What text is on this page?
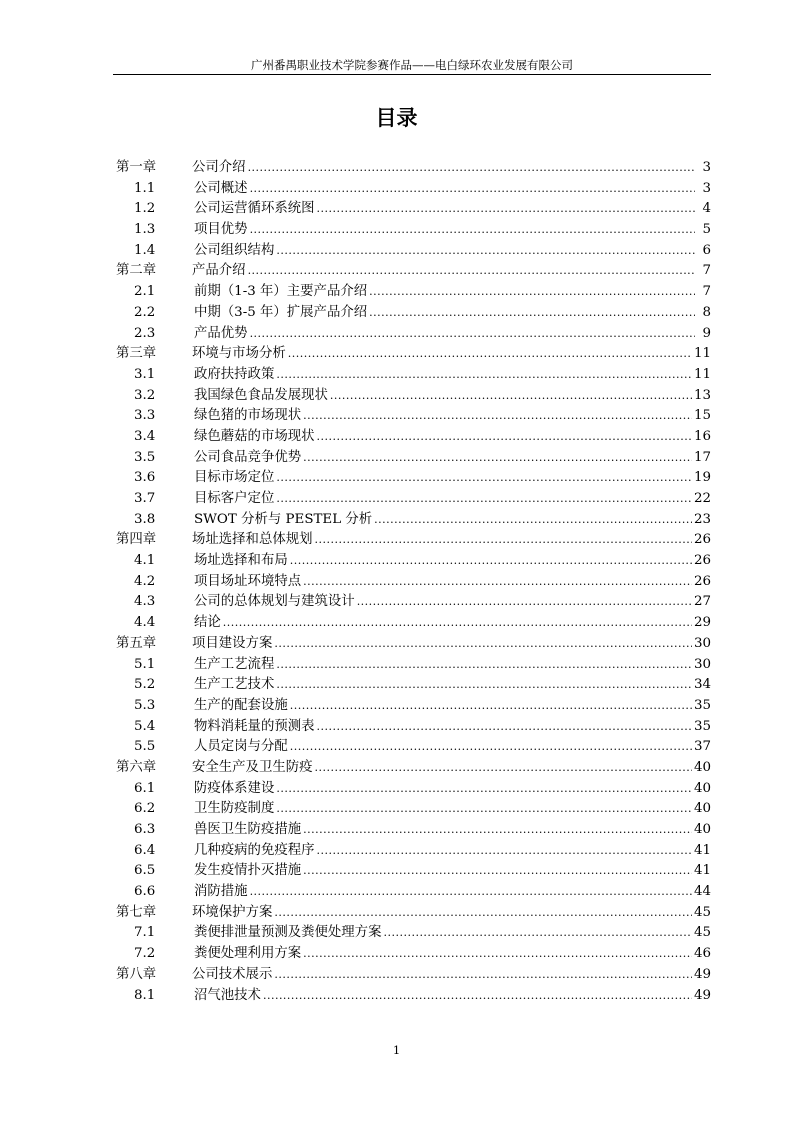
广州番禺职业技术学院参赛作品——电白绿环农业发展有限公司
目录
第一章	公司介绍 .....	3
1.1	公司概述 .....	3
1.2	公司运营循环系统图 .....	4
1.3	项目优势 .....	5
1.4	公司组织结构 .....	6
第二章	产品介绍 .....	7
2.1	前期（1-3 年）主要产品介绍 .....	7
2.2	中期（3-5 年）扩展产品介绍 .....	8
2.3	产品优势 .....	9
第三章	环境与市场分析 .....	11
3.1	政府扶持政策 .....	11
3.2	我国绿色食品发展现状 .....	13
3.3	绿色猪的市场现状 .....	15
3.4	绿色蘑菇的市场现状 .....	16
3.5	公司食品竞争优势 .....	17
3.6	目标市场定位 .....	19
3.7	目标客户定位 .....	22
3.8	SWOT 分析与 PESTEL 分析 .....	23
第四章	场址选择和总体规划 .....	26
4.1	场址选择和布局 .....	26
4.2	项目场址环境特点 .....	26
4.3	公司的总体规划与建筑设计 .....	27
4.4	结论 .....	29
第五章	项目建设方案 .....	30
5.1	生产工艺流程 .....	30
5.2	生产工艺技术 .....	34
5.3	生产的配套设施 .....	35
5.4	物料消耗量的预测表 .....	35
5.5	人员定岗与分配 .....	37
第六章	安全生产及卫生防疫 .....	40
6.1	防疫体系建设 .....	40
6.2	卫生防疫制度 .....	40
6.3	兽医卫生防疫措施 .....	40
6.4	几种疫病的免疫程序 .....	41
6.5	发生疫情扑灭措施 .....	41
6.6	消防措施 .....	44
第七章	环境保护方案 .....	45
7.1	粪便排泄量预测及粪便处理方案 .....	45
7.2	粪便处理利用方案 .....	46
第八章	公司技术展示 .....	49
8.1	沼气池技术 .....	49
1
